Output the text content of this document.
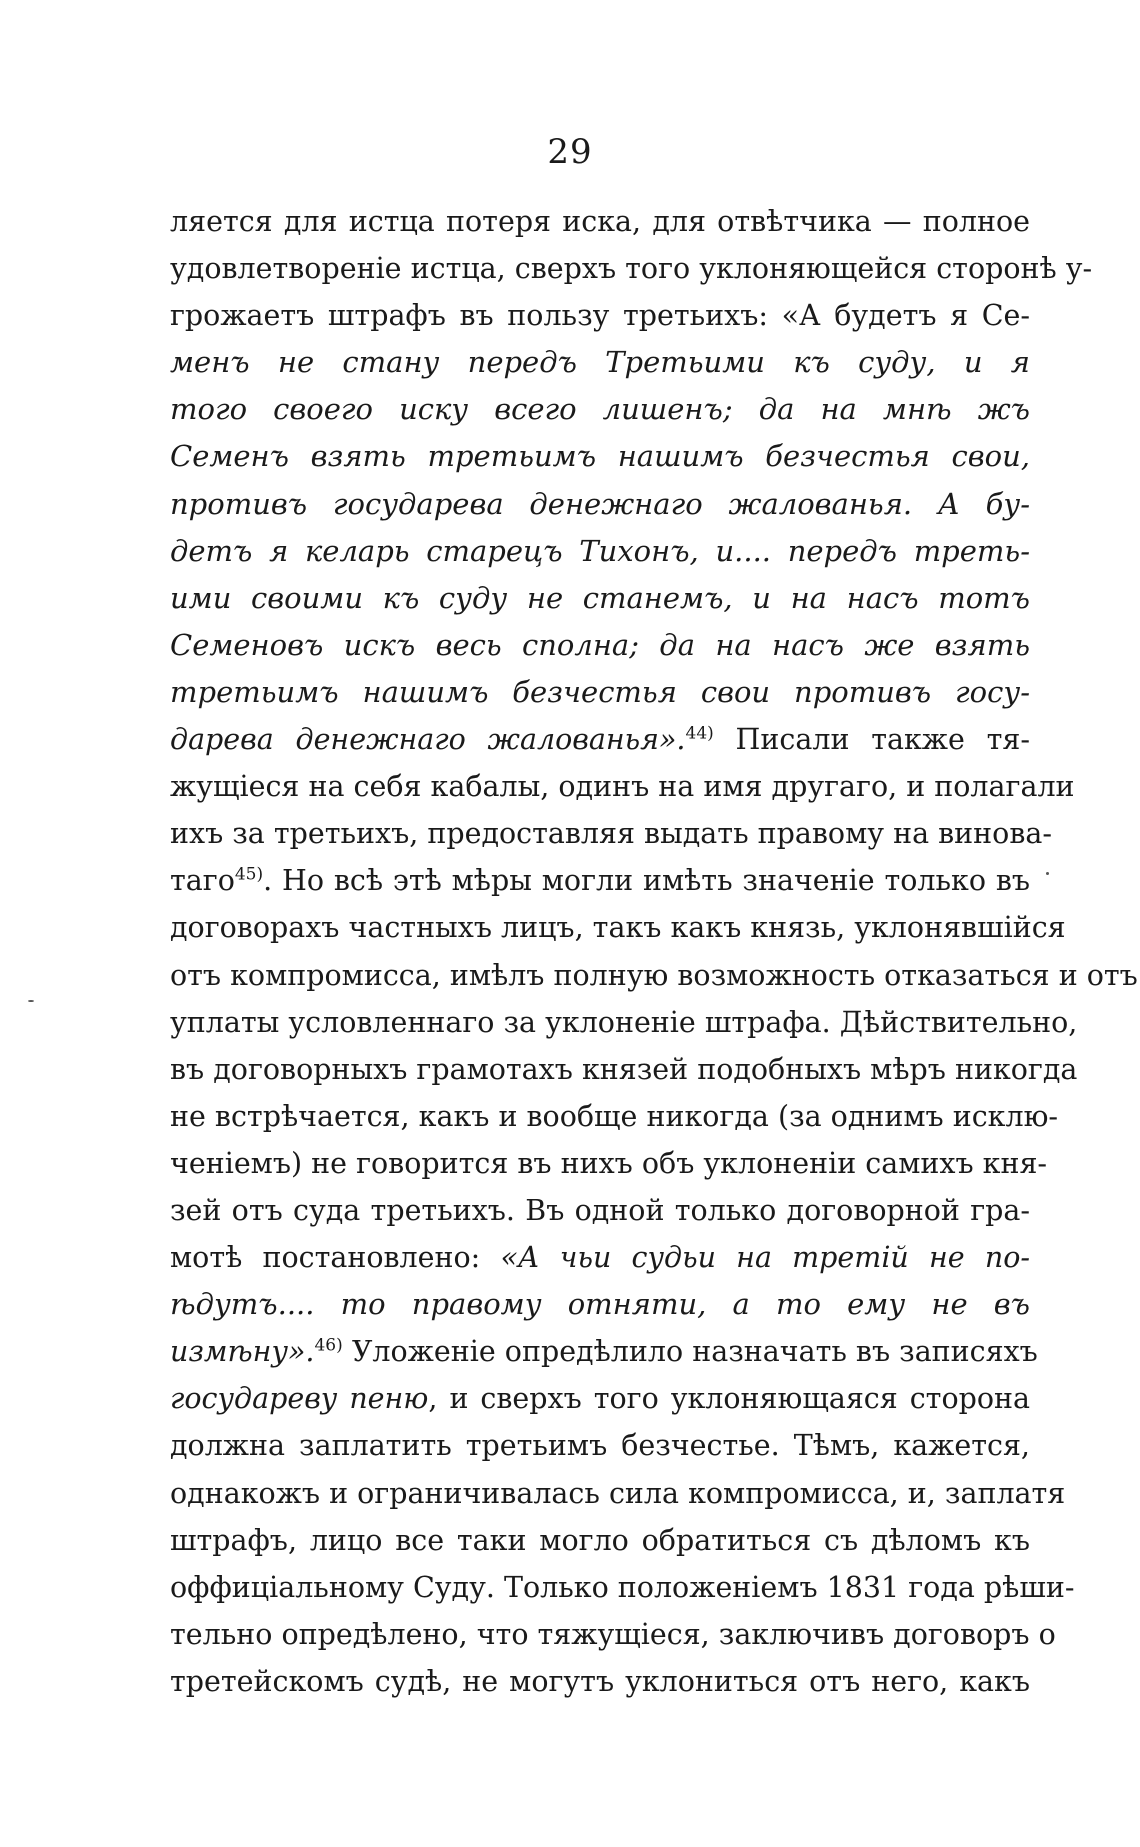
29
ляется для истца потеря иска, для отвѣтчика — полное
удовлетвореніе истца, сверхъ того уклоняющейся сторонѣ у-
грожаетъ штрафъ въ пользу третьихъ: «А будетъ я Се-
менъ не стану передъ Третьими къ суду, и я
того своего иску всего лишенъ; да на мнѣ жъ
Семенъ взять третьимъ нашимъ безчестья свои,
противъ государева денежнаго жалованья. А бу-
детъ я келарь старецъ Тихонъ, и.... передъ треть-
ими своими къ суду не станемъ, и на насъ тотъ
Семеновъ искъ весь сполна; да на насъ же взять
третьимъ нашимъ безчестья свои противъ госу-
дарева денежнаго жалованья».$^{44)}$ Писали также тя-
жущіеся на себя кабалы, одинъ на имя другаго, и полагали
ихъ за третьихъ, предоставляя выдать правому на винова-
таго$^{45)}$. Но всѣ этѣ мѣры могли имѣть значеніе только въ
договорахъ частныхъ лицъ, такъ какъ князь, уклонявшійся
отъ компромисса, имѣлъ полную возможность отказаться и отъ
уплаты условленнаго за уклоненіе штрафа. Дѣйствительно,
въ договорныхъ грамотахъ князей подобныхъ мѣръ никогда
не встрѣчается, какъ и вообще никогда (за однимъ исклю-
ченіемъ) не говорится въ нихъ объ уклоненіи самихъ кня-
зей отъ суда третьихъ. Въ одной только договорной гра-
мотѣ постановлено: «А чьи судьи на третій не по-
ѣдутъ.... то правому отняти, а то ему не въ
измѣну».$^{46)}$ Уложеніе опредѣлило назначать въ записяхъ
государеву пеню, и сверхъ того уклоняющаяся сторона
должна заплатить третьимъ безчестье. Тѣмъ, кажется,
однакожъ и ограничивалась сила компромисса, и, заплатя
штрафъ, лицо все таки могло обратиться съ дѣломъ къ
оффиціальному Суду. Только положеніемъ 1831 года рѣши-
тельно опредѣлено, что тяжущіеся, заключивъ договоръ о
третейскомъ судѣ, не могутъ уклониться отъ него, какъ
